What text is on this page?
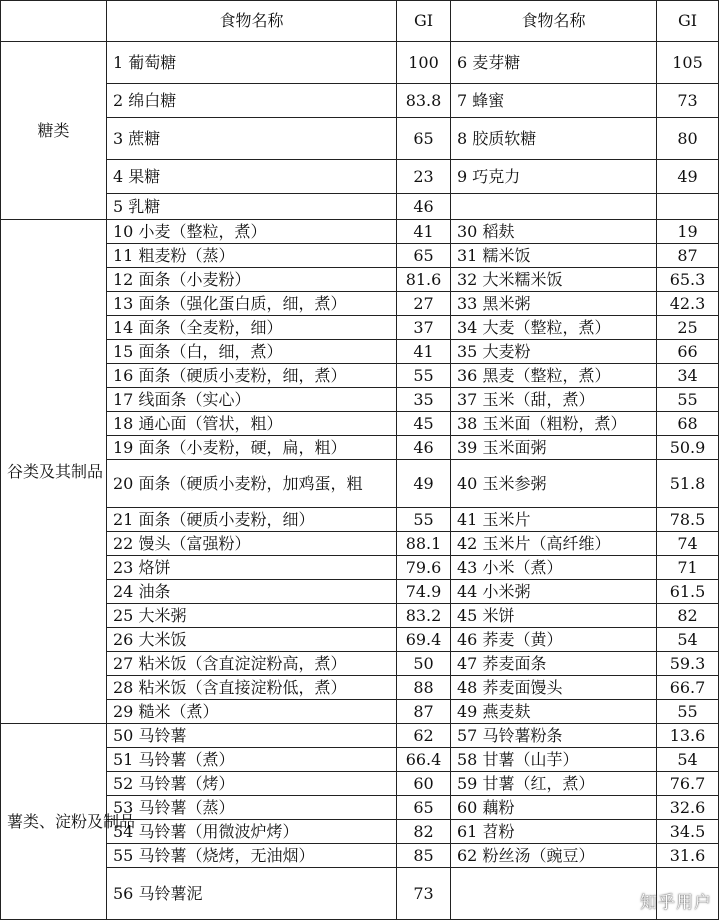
	食物名称	GI	食物名称	GI
糖类	1 葡萄糖	100	6 麦芽糖	105
	2 绵白糖	83.8	7 蜂蜜	73
	3 蔗糖	65	8 胶质软糖	80
	4 果糖	23	9 巧克力	49
	5 乳糖	46		
谷类及其制品	10 小麦（整粒，煮）	41	30 稻麸	19
	11 粗麦粉（蒸）	65	31 糯米饭	87
	12 面条（小麦粉）	81.6	32 大米糯米饭	65.3
	13 面条（强化蛋白质，细，煮）	27	33 黑米粥	42.3
	14 面条（全麦粉，细）	37	34 大麦（整粒，煮）	25
	15 面条（白，细，煮）	41	35 大麦粉	66
	16 面条（硬质小麦粉，细，煮）	55	36 黑麦（整粒，煮）	34
	17 线面条（实心）	35	37 玉米（甜，煮）	55
	18 通心面（管状，粗）	45	38 玉米面（粗粉，煮）	68
	19 面条（小麦粉，硬，扁，粗）	46	39 玉米面粥	50.9
	20 面条（硬质小麦粉，加鸡蛋，粗	49	40 玉米参粥	51.8
	21 面条（硬质小麦粉，细）	55	41 玉米片	78.5
	22 馒头（富强粉）	88.1	42 玉米片（高纤维）	74
	23 烙饼	79.6	43 小米（煮）	71
	24 油条	74.9	44 小米粥	61.5
	25 大米粥	83.2	45 米饼	82
	26 大米饭	69.4	46 荞麦（黄）	54
	27 粘米饭（含直淀淀粉高，煮）	50	47 荞麦面条	59.3
	28 粘米饭（含直接淀粉低，煮）	88	48 荞麦面馒头	66.7
	29 糙米（煮）	87	49 燕麦麸	55
薯类、淀粉及制品	50 马铃薯	62	57 马铃薯粉条	13.6
	51 马铃薯（煮）	66.4	58 甘薯（山芋）	54
	52 马铃薯（烤）	60	59 甘薯（红，煮）	76.7
	53 马铃薯（蒸）	65	60 藕粉	32.6
	54 马铃薯（用微波炉烤）	82	61 苕粉	34.5
	55 马铃薯（烧烤，无油烟）	85	62 粉丝汤（豌豆）	31.6
	56 马铃薯泥	73			知乎用户
